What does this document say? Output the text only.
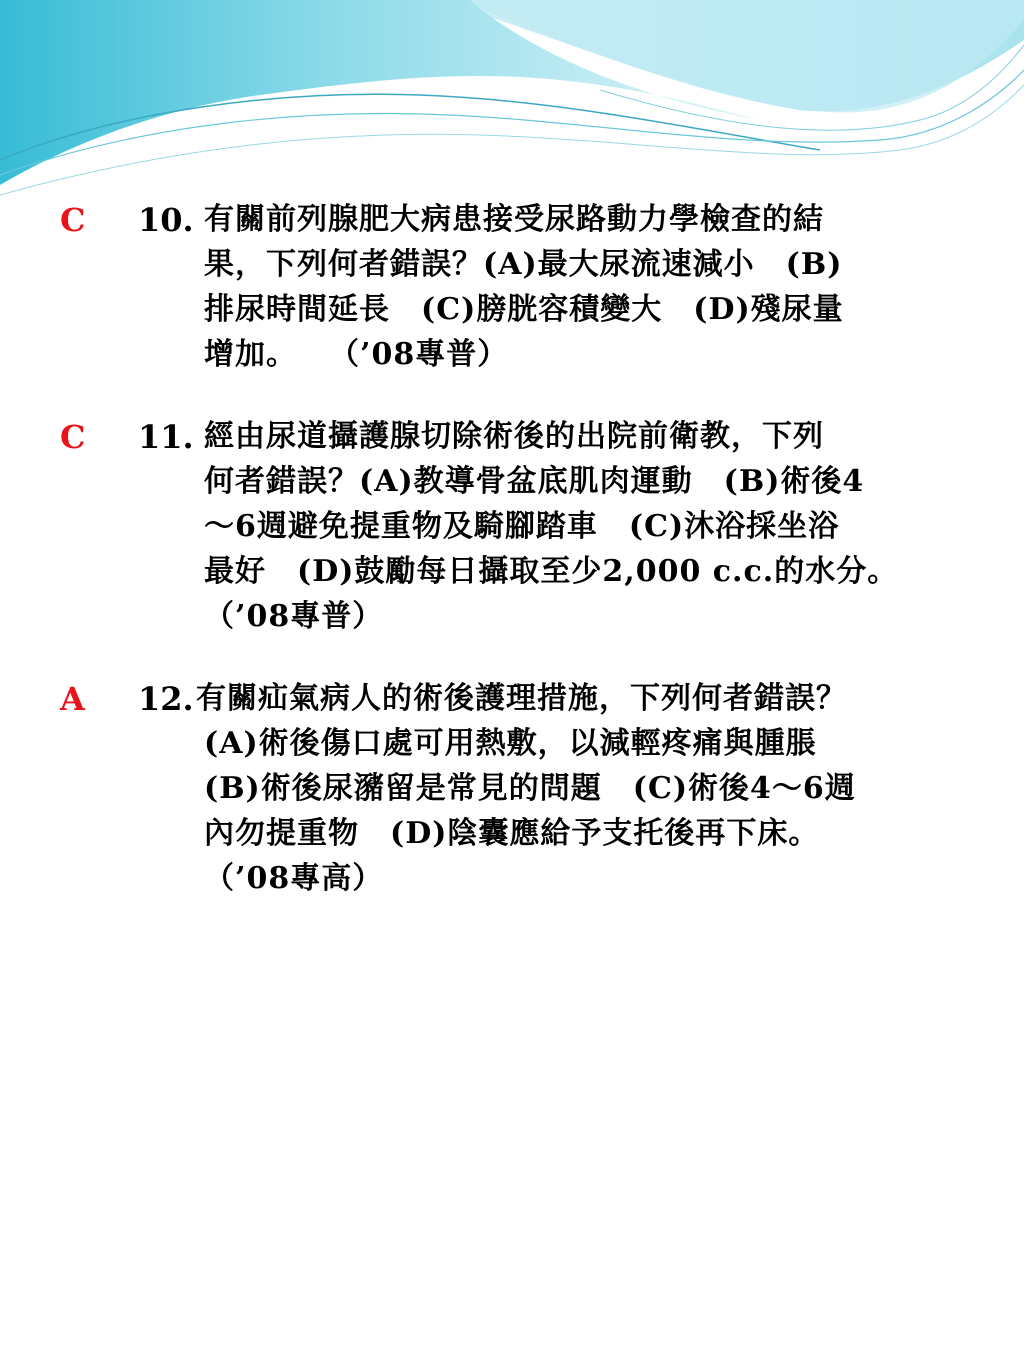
C 10. 有關前列腺肥大病患接受尿路動力學檢查的結
果，下列何者錯誤？(A)最大尿流速減小　(B)
排尿時間延長　(C)膀胱容積變大　(D)殘尿量
增加。　　（’08專普）
C 11. 經由尿道攝護腺切除術後的出院前衛教，下列
何者錯誤？(A)教導骨盆底肌肉運動　(B)術後4
～6週避免提重物及騎腳踏車　(C)沐浴採坐浴
最好　(D)鼓勵每日攝取至少2,000 c.c.的水分。
（’08專普）
A 12. 有關疝氣病人的術後護理措施，下列何者錯誤？
(A)術後傷口處可用熱敷，以減輕疼痛與腫脹
(B)術後尿瀦留是常見的問題　(C)術後4～6週
內勿提重物　(D)陰囊應給予支托後再下床。
（’08專高）
